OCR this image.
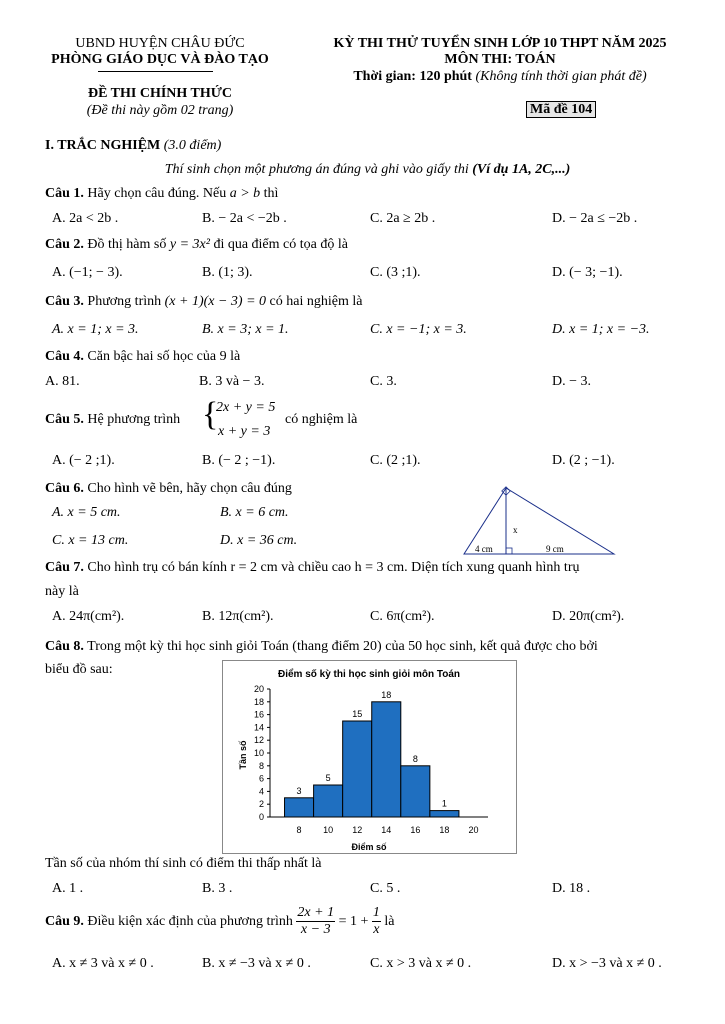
UBND HUYỆN CHÂU ĐỨC
PHÒNG GIÁO DỤC VÀ ĐÀO TẠO
ĐỀ THI CHÍNH THỨC
(Đề thi này gồm 02 trang)
KỲ THI THỬ TUYỂN SINH LỚP 10 THPT NĂM 2025
MÔN THI: TOÁN
Thời gian: 120 phút (Không tính thời gian phát đề)
Mã đề 104
I. TRẮC NGHIỆM (3.0 điểm)
Thí sinh chọn một phương án đúng và ghi vào giấy thi (Ví dụ 1A, 2C,...)
Câu 1. Hãy chọn câu đúng. Nếu a > b thì
A. 2a < 2b .	B. − 2a < −2b .	C. 2a ≥ 2b .	D. − 2a ≤ −2b .
Câu 2. Đồ thị hàm số y = 3x² đi qua điểm có tọa độ là
A. (−1; − 3).	B. (1; 3).	C. (3 ;1).	D. (− 3; −1).
Câu 3. Phương trình (x + 1)(x − 3) = 0 có hai nghiệm là
A. x = 1; x = 3.	B. x = 3; x = 1.	C. x = −1; x = 3.	D. x = 1; x = −3.
Câu 4. Căn bậc hai số học của 9 là
A. 81.	B. 3 và − 3.	C. 3.	D. − 3.
Câu 5. Hệ phương trình {
2x + y = 5
x + y = 3
có nghiệm là
A. (− 2 ;1).	B. (− 2 ; −1).	C. (2 ;1).	D. (2 ; −1).
Câu 6. Cho hình vẽ bên, hãy chọn câu đúng
A. x = 5 cm.	B. x = 6 cm.
C. x = 13 cm.	D. x = 36 cm.
x
4 cm	9 cm
Câu 7. Cho hình trụ có bán kính r = 2 cm và chiều cao h = 3 cm. Diện tích xung quanh hình trụ
này là
A. 24π(cm²).	B. 12π(cm²).	C. 6π(cm²).	D. 20π(cm²).
Câu 8. Trong một kỳ thi học sinh giỏi Toán (thang điểm 20) của 50 học sinh, kết quả được cho bởi
biểu đồ sau:	Điểm số kỳ thi học sinh giỏi môn Toán
Điểm số
Tần số
0
2
4
6
8
10
12
14
16
18
20
3
5
15
18
8
1
8 10 12 14 16 18 20
Tần số của nhóm thí sinh có điểm thi thấp nhất là
A. 1 .	B. 3 .	C. 5 .	D. 18 .
Câu 9. Điều kiện xác định của phương trình $\frac{2x + 1}{x - 3} = 1 + \frac{1}{x}$ là
A. x ≠ 3 và x ≠ 0 .	B. x ≠ −3 và x ≠ 0 .	C. x > 3 và x ≠ 0 .	D. x > −3 và x ≠ 0 .
